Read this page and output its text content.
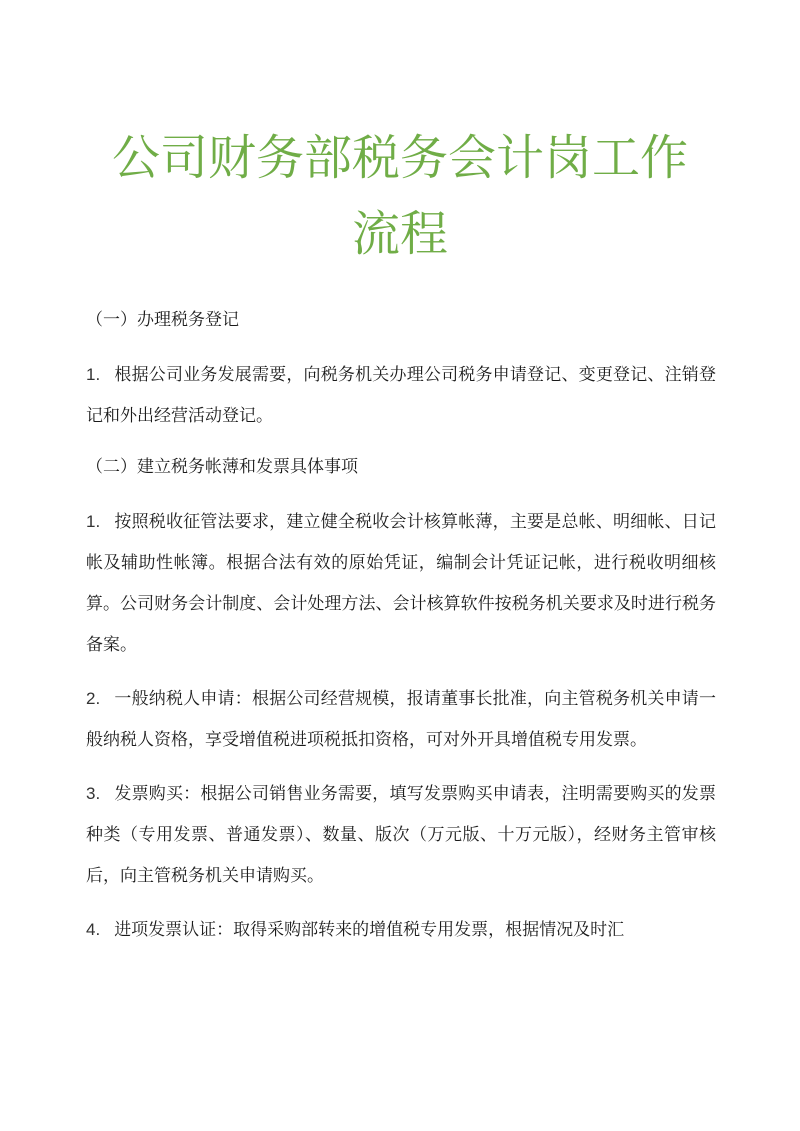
公司财务部税务会计岗工作
流程

（一）办理税务登记

1. 根据公司业务发展需要，向税务机关办理公司税务申请登记、变更登记、注销登记和外出经营活动登记。

（二）建立税务帐薄和发票具体事项

1. 按照税收征管法要求，建立健全税收会计核算帐薄，主要是总帐、明细帐、日记帐及辅助性帐簿。根据合法有效的原始凭证，编制会计凭证记帐，进行税收明细核算。公司财务会计制度、会计处理方法、会计核算软件按税务机关要求及时进行税务备案。

2. 一般纳税人申请：根据公司经营规模，报请董事长批准，向主管税务机关申请一般纳税人资格，享受增值税进项税抵扣资格，可对外开具增值税专用发票。

3. 发票购买：根据公司销售业务需要，填写发票购买申请表，注明需要购买的发票种类（专用发票、普通发票）、数量、版次（万元版、十万元版），经财务主管审核后，向主管税务机关申请购买。

4. 进项发票认证：取得采购部转来的增值税专用发票，根据情况及时汇
